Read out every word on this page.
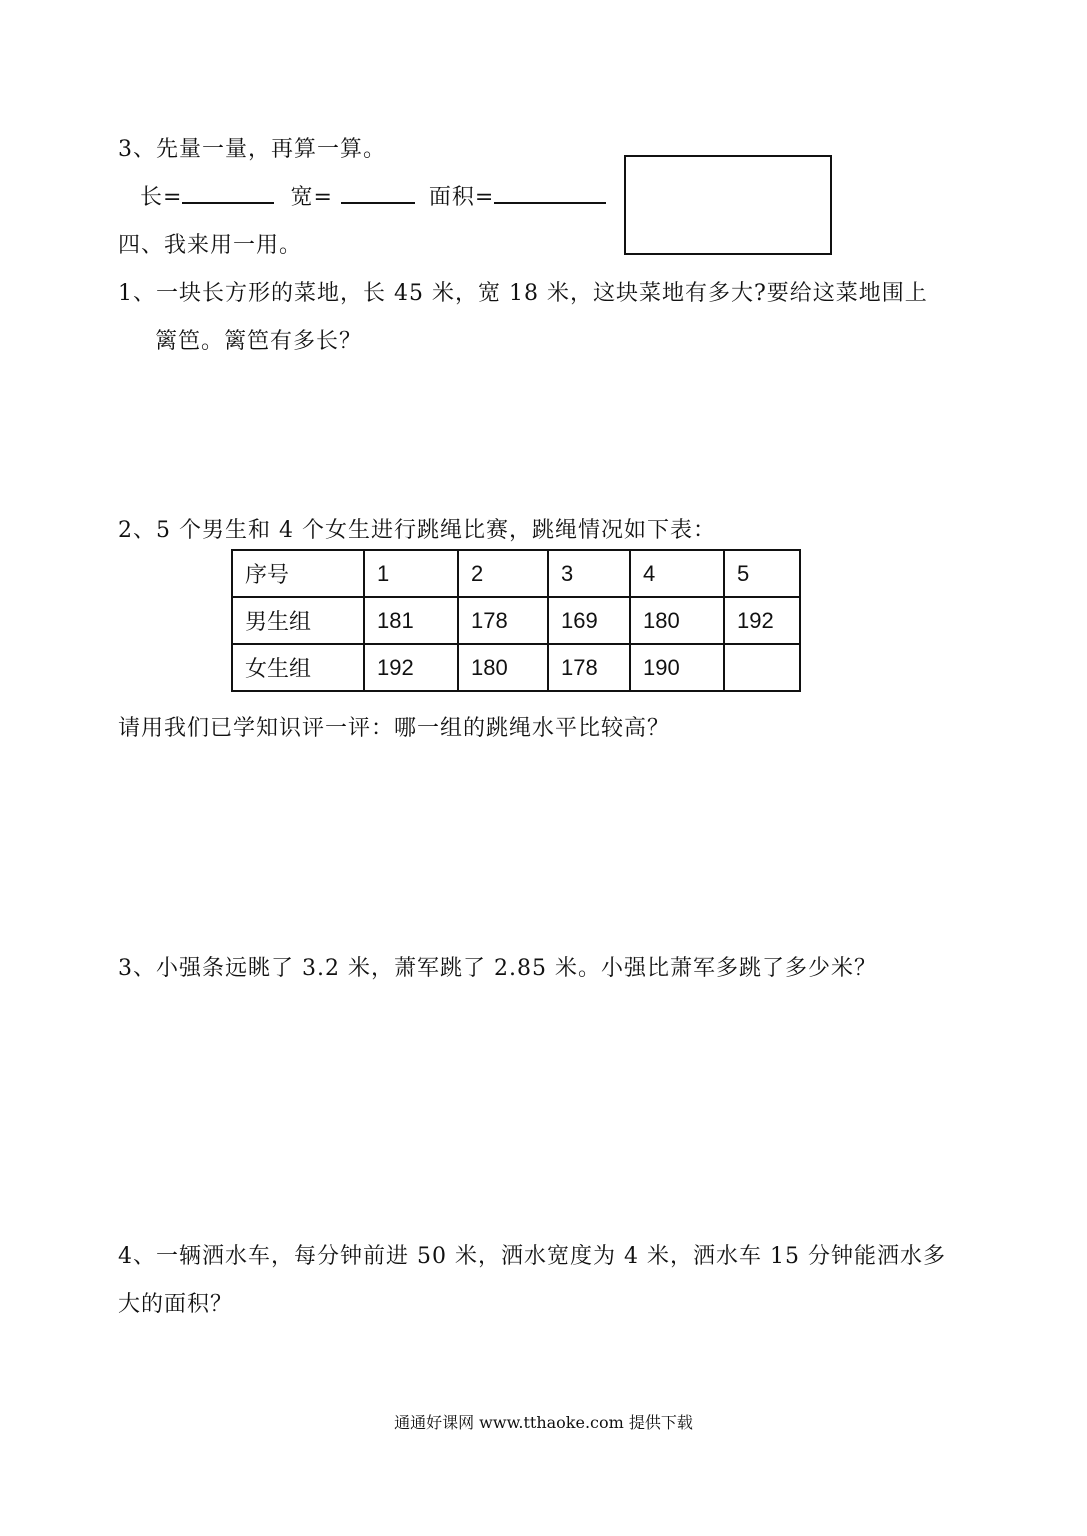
3、先量一量，再算一算。
长=	宽=	面积=
四、我来用一用。
1、一块长方形的菜地，长 45 米，宽 18 米，这块菜地有多大?要给这菜地围上
篱笆。篱笆有多长？
2、5 个男生和 4 个女生进行跳绳比赛，跳绳情况如下表：
序号	1	2	3	4	5
男生组	181	178	169	180	192
女生组	192	180	178	190	
请用我们已学知识评一评：哪一组的跳绳水平比较高？
3、小强条远眺了 3.2 米，萧军跳了 2.85 米。小强比萧军多跳了多少米？
4、一辆洒水车，每分钟前进 50 米，洒水宽度为 4 米，洒水车 15 分钟能洒水多
大的面积？
通通好课网 www.tthaoke.com 提供下载
